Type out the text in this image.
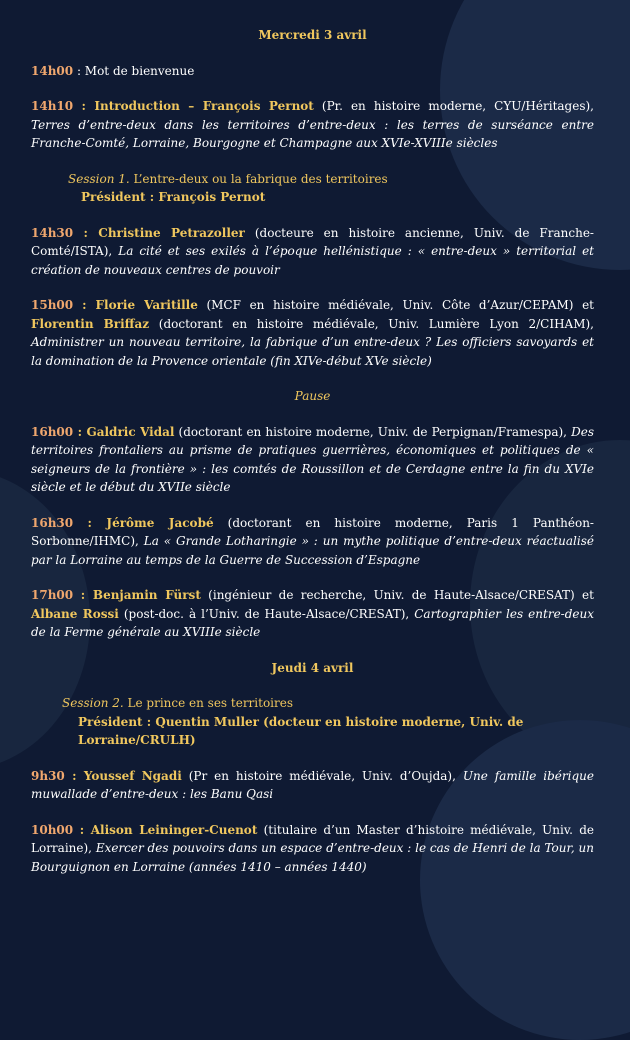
Mercredi 3 avril

14h00 : Mot de bienvenue

14h10 : Introduction – François Pernot (Pr. en histoire moderne, CYU/Héritages), Terres d’entre-deux dans les territoires d’entre-deux : les terres de surséance entre Franche-Comté, Lorraine, Bourgogne et Champagne aux XVIe-XVIIIe siècles

Session 1. L’entre-deux ou la fabrique des territoires
Président : François Pernot

14h30 : Christine Petrazoller (docteure en histoire ancienne, Univ. de Franche-Comté/ISTA), La cité et ses exilés à l’époque hellénistique : « entre-deux » territorial et création de nouveaux centres de pouvoir

15h00 : Florie Varitille (MCF en histoire médiévale, Univ. Côte d’Azur/CEPAM) et Florentin Briffaz (doctorant en histoire médiévale, Univ. Lumière Lyon 2/CIHAM), Administrer un nouveau territoire, la fabrique d’un entre-deux ? Les officiers savoyards et la domination de la Provence orientale (fin XIVe-début XVe siècle)

Pause

16h00 : Galdric Vidal (doctorant en histoire moderne, Univ. de Perpignan/Framespa), Des territoires frontaliers au prisme de pratiques guerrières, économiques et politiques de « seigneurs de la frontière » : les comtés de Roussillon et de Cerdagne entre la fin du XVIe siècle et le début du XVIIe siècle

16h30 : Jérôme Jacobé (doctorant en histoire moderne, Paris 1 Panthéon-Sorbonne/IHMC), La « Grande Lotharingie » : un mythe politique d’entre-deux réactualisé par la Lorraine au temps de la Guerre de Succession d’Espagne

17h00 : Benjamin Fürst (ingénieur de recherche, Univ. de Haute-Alsace/CRESAT) et Albane Rossi (post-doc. à l’Univ. de Haute-Alsace/CRESAT), Cartographier les entre-deux de la Ferme générale au XVIIIe siècle

Jeudi 4 avril

Session 2. Le prince en ses territoires
Président : Quentin Muller (docteur en histoire moderne, Univ. de Lorraine/CRULH)

9h30 : Youssef Ngadi (Pr en histoire médiévale, Univ. d’Oujda), Une famille ibérique muwallade d’entre-deux : les Banu Qasi

10h00 : Alison Leininger-Cuenot (titulaire d’un Master d’histoire médiévale, Univ. de Lorraine), Exercer des pouvoirs dans un espace d’entre-deux : le cas de Henri de la Tour, un Bourguignon en Lorraine (années 1410 – années 1440)
